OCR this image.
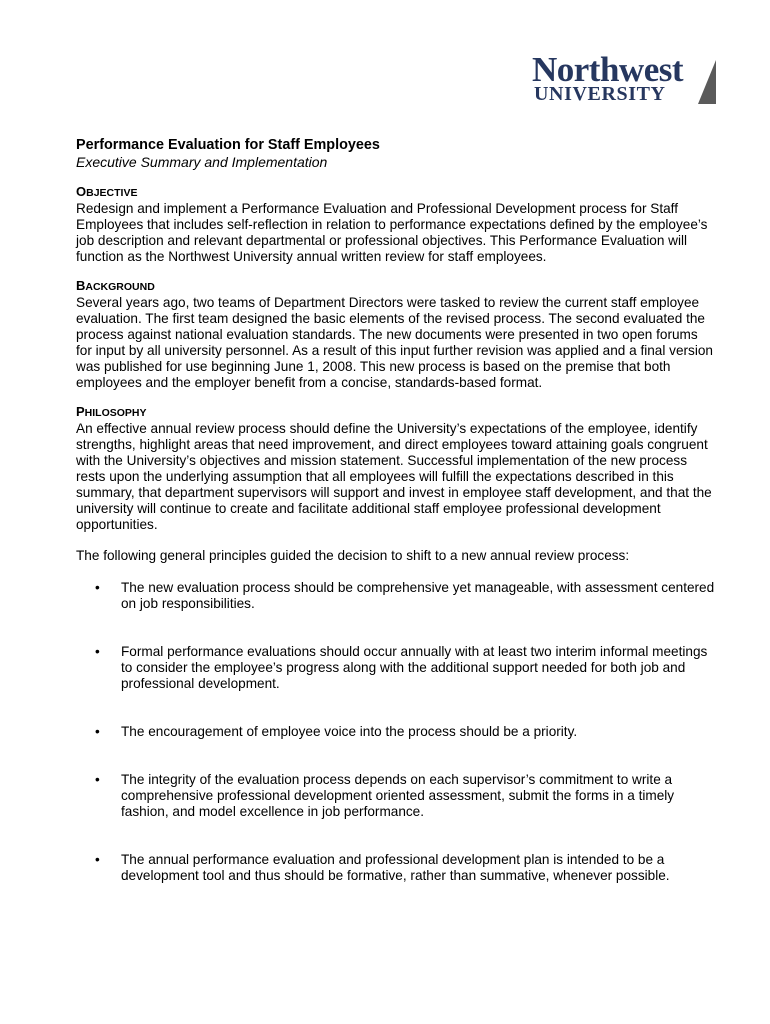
Northwest
UNIVERSITY
Performance Evaluation for Staff Employees
Executive Summary and Implementation
OBJECTIVE

Redesign and implement a Performance Evaluation and Professional Development process for Staff Employees that includes self-reflection in relation to performance expectations defined by the employee’s job description and relevant departmental or professional objectives. This Performance Evaluation will function as the Northwest University annual written review for staff employees.

BACKGROUND

Several years ago, two teams of Department Directors were tasked to review the current staff employee evaluation. The first team designed the basic elements of the revised process. The second evaluated the process against national evaluation standards. The new documents were presented in two open forums for input by all university personnel. As a result of this input further revision was applied and a final version was published for use beginning June 1, 2008. This new process is based on the premise that both employees and the employer benefit from a concise, standards-based format.

PHILOSOPHY

An effective annual review process should define the University’s expectations of the employee, identify strengths, highlight areas that need improvement, and direct employees toward attaining goals congruent with the University’s objectives and mission statement. Successful implementation of the new process rests upon the underlying assumption that all employees will fulfill the expectations described in this summary, that department supervisors will support and invest in employee staff development, and that the university will continue to create and facilitate additional staff employee professional development opportunities.

The following general principles guided the decision to shift to a new annual review process:

• The new evaluation process should be comprehensive yet manageable, with assessment centered on job responsibilities.
• Formal performance evaluations should occur annually with at least two interim informal meetings to consider the employee’s progress along with the additional support needed for both job and professional development.
• The encouragement of employee voice into the process should be a priority.
• The integrity of the evaluation process depends on each supervisor’s commitment to write a comprehensive professional development oriented assessment, submit the forms in a timely fashion, and model excellence in job performance.
• The annual performance evaluation and professional development plan is intended to be a development tool and thus should be formative, rather than summative, whenever possible.
